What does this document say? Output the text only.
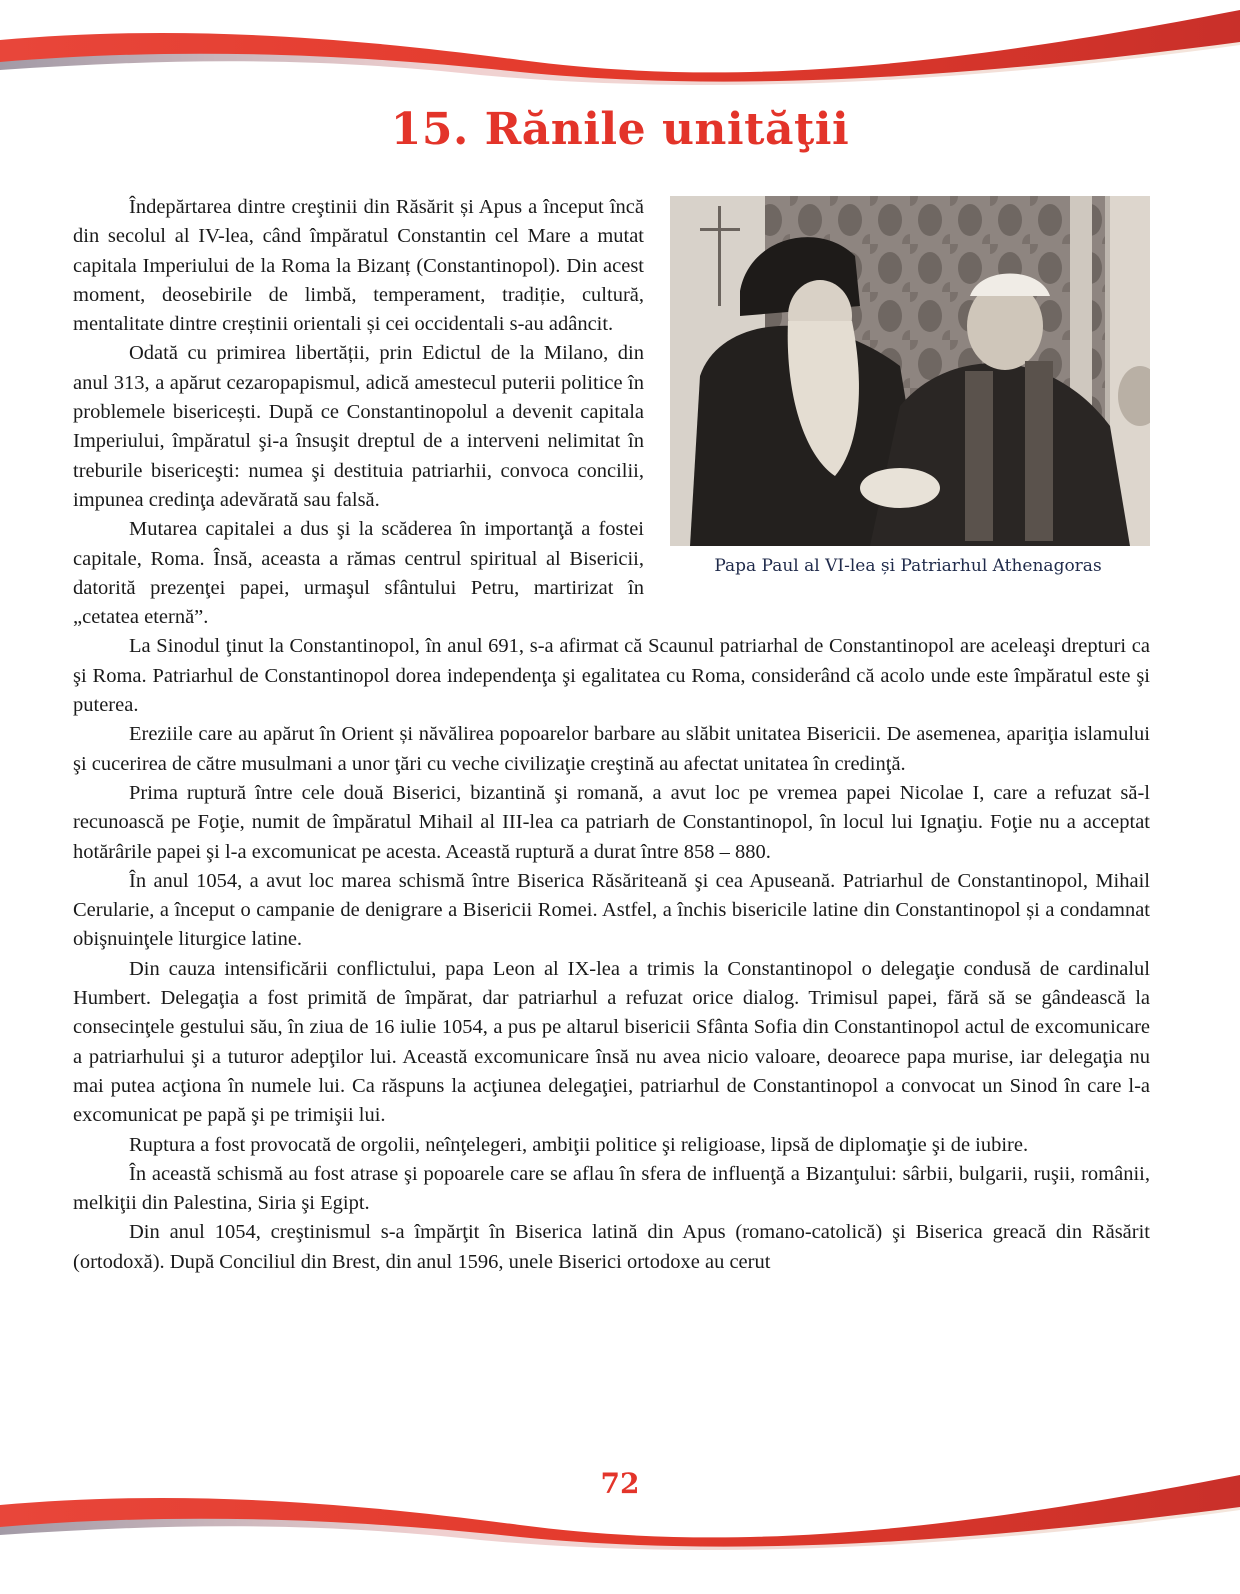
15. Rănile unităţii
Papa Paul al VI-lea și Patriarhul Athenagoras

Îndepărtarea dintre creştinii din Răsărit și Apus a început încă din secolul al IV-lea, când împăratul Constantin cel Mare a mutat capitala Imperiului de la Roma la Bizanț (Constantinopol). Din acest moment, deosebirile de limbă, temperament, tradiție, cultură, mentalitate dintre creștinii orientali și cei occidentali s-au adâncit.

Odată cu primirea libertății, prin Edictul de la Milano, din anul 313, a apărut cezaropapismul, adică amestecul puterii politice în problemele bisericești. După ce Constantinopolul a devenit capitala Imperiului, împăratul şi-a însuşit dreptul de a interveni nelimitat în treburile bisericeşti: numea şi destituia patriarhii, convoca concilii, impunea credinţa adevărată sau falsă.

Mutarea capitalei a dus şi la scăderea în importanţă a fostei capitale, Roma. Însă, aceasta a rămas centrul spiritual al Bisericii, datorită prezenţei papei, urmaşul sfântului Petru, martirizat în „cetatea eternă”.

La Sinodul ţinut la Constantinopol, în anul 691, s-a afirmat că Scaunul patriarhal de Constantinopol are aceleaşi drepturi ca şi Roma. Patriarhul de Constantinopol dorea independenţa şi egalitatea cu Roma, considerând că acolo unde este împăratul este şi puterea.

Ereziile care au apărut în Orient și năvălirea popoarelor barbare au slăbit unitatea Bisericii. De asemenea, apariţia islamului şi cucerirea de către musulmani a unor ţări cu veche civilizaţie creştină au afectat unitatea în credinţă.

Prima ruptură între cele două Biserici, bizantină şi romană, a avut loc pe vremea papei Nicolae I, care a refuzat să-l recunoască pe Foţie, numit de împăratul Mihail al III-lea ca patriarh de Constantinopol, în locul lui Ignaţiu. Foţie nu a acceptat hotărârile papei şi l-a excomunicat pe acesta. Această ruptură a durat între 858 – 880.

În anul 1054, a avut loc marea schismă între Biserica Răsăriteană şi cea Apuseană. Patriarhul de Constantinopol, Mihail Cerularie, a început o campanie de denigrare a Bisericii Romei. Astfel, a închis bisericile latine din Constantinopol și a condamnat obişnuinţele liturgice latine.

Din cauza intensificării conflictului, papa Leon al IX-lea a trimis la Constantinopol o delegaţie condusă de cardinalul Humbert. Delegaţia a fost primită de împărat, dar patriarhul a refuzat orice dialog. Trimisul papei, fără să se gândească la consecinţele gestului său, în ziua de 16 iulie 1054, a pus pe altarul bisericii Sfânta Sofia din Constantinopol actul de excomunicare a patriarhului şi a tuturor adepţilor lui. Această excomunicare însă nu avea nicio valoare, deoarece papa murise, iar delegaţia nu mai putea acţiona în numele lui. Ca răspuns la acţiunea delegaţiei, patriarhul de Constantinopol a convocat un Sinod în care l-a excomunicat pe papă şi pe trimişii lui.

Ruptura a fost provocată de orgolii, neînţelegeri, ambiţii politice şi religioase, lipsă de diplomaţie şi de iubire.

În această schismă au fost atrase şi popoarele care se aflau în sfera de influenţă a Bizanţului: sârbii, bulgarii, ruşii, românii, melkiţii din Palestina, Siria şi Egipt.

Din anul 1054, creştinismul s-a împărţit în Biserica latină din Apus (romano-catolică) şi Biserica greacă din Răsărit (ortodoxă). După Conciliul din Brest, din anul 1596, unele Biserici ortodoxe au cerut

72
